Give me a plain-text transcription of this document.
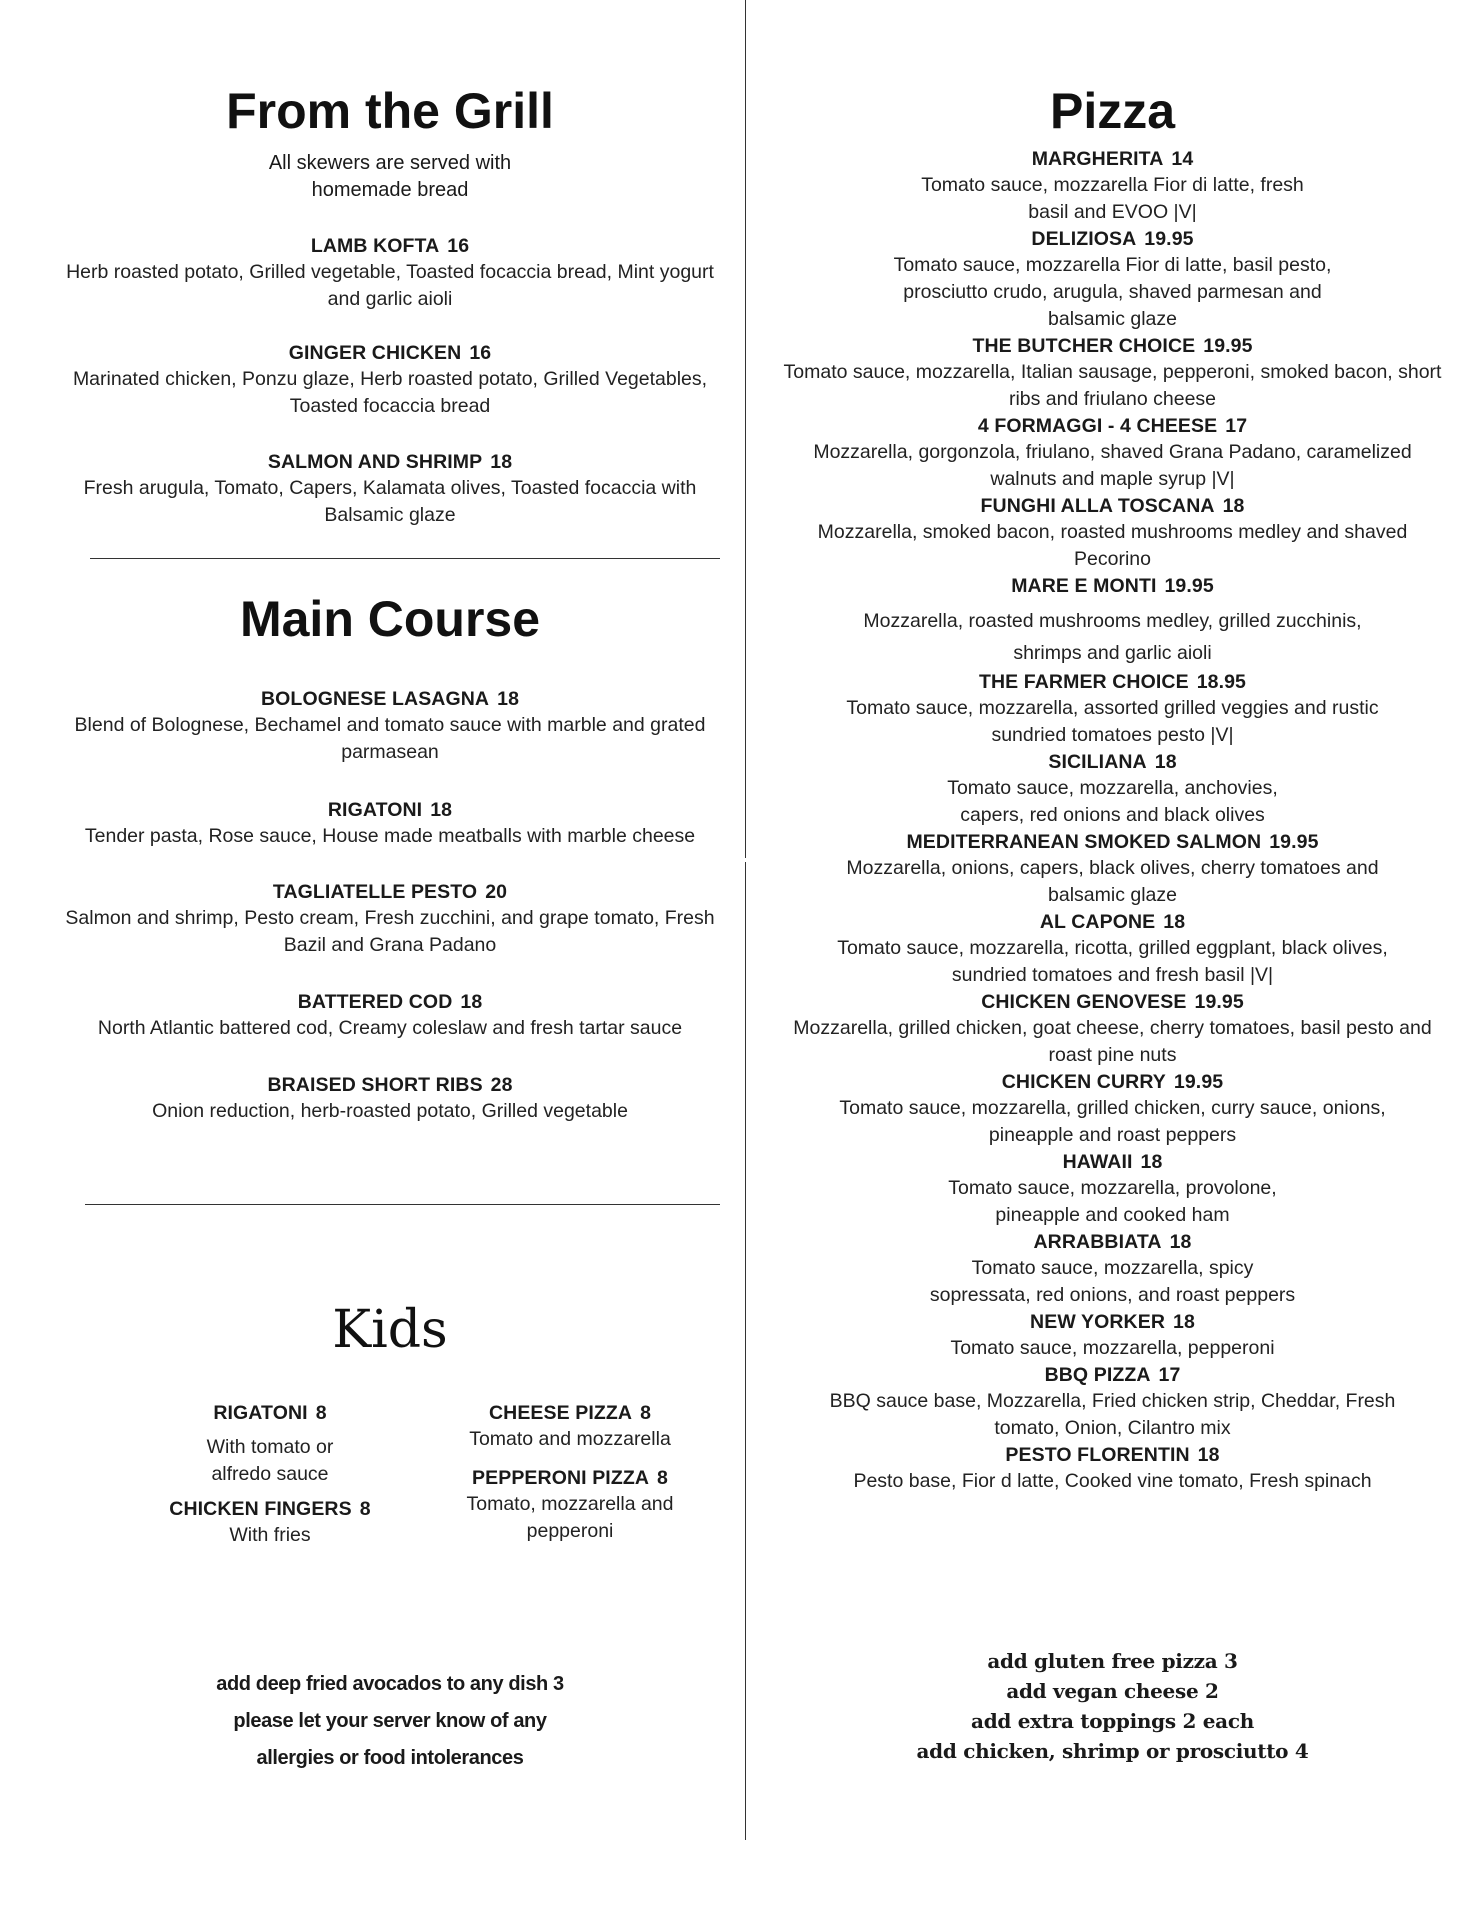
From the Grill
All skewers are served with homemade bread
LAMB KOFTA 16
Herb roasted potato, Grilled vegetable, Toasted focaccia bread, Mint yogurt and garlic aioli
GINGER CHICKEN 16
Marinated chicken, Ponzu glaze, Herb roasted potato, Grilled Vegetables, Toasted focaccia bread
SALMON AND SHRIMP 18
Fresh arugula, Tomato, Capers, Kalamata olives, Toasted focaccia with Balsamic glaze
Main Course
BOLOGNESE LASAGNA 18
Blend of Bolognese, Bechamel and tomato sauce with marble and grated parmasean
RIGATONI 18
Tender pasta, Rose sauce, House made meatballs with marble cheese
TAGLIATELLE PESTO 20
Salmon and shrimp, Pesto cream, Fresh zucchini, and grape tomato, Fresh Bazil and Grana Padano
BATTERED COD 18
North Atlantic battered cod, Creamy coleslaw and fresh tartar sauce
BRAISED SHORT RIBS 28
Onion reduction, herb-roasted potato, Grilled vegetable
Kids
RIGATONI 8
With tomato or alfredo sauce
CHICKEN FINGERS 8
With fries
CHEESE PIZZA 8
Tomato and mozzarella
PEPPERONI PIZZA 8
Tomato, mozzarella and pepperoni
add deep fried avocados to any dish 3
please let your server know of any
allergies or food intolerances
Pizza
MARGHERITA 14
Tomato sauce, mozzarella Fior di latte, fresh basil and EVOO |V|
DELIZIOSA 19.95
Tomato sauce, mozzarella Fior di latte, basil pesto, prosciutto crudo, arugula, shaved parmesan and balsamic glaze
THE BUTCHER CHOICE 19.95
Tomato sauce, mozzarella, Italian sausage, pepperoni, smoked bacon, short ribs and friulano cheese
4 FORMAGGI - 4 CHEESE 17
Mozzarella, gorgonzola, friulano, shaved Grana Padano, caramelized walnuts and maple syrup |V|
FUNGHI ALLA TOSCANA 18
Mozzarella, smoked bacon, roasted mushrooms medley and shaved Pecorino
MARE E MONTI 19.95
Mozzarella, roasted mushrooms medley, grilled zucchinis, shrimps and garlic aioli
THE FARMER CHOICE 18.95
Tomato sauce, mozzarella, assorted grilled veggies and rustic sundried tomatoes pesto |V|
SICILIANA 18
Tomato sauce, mozzarella, anchovies, capers, red onions and black olives
MEDITERRANEAN SMOKED SALMON 19.95
Mozzarella, onions, capers, black olives, cherry tomatoes and balsamic glaze
AL CAPONE 18
Tomato sauce, mozzarella, ricotta, grilled eggplant, black olives, sundried tomatoes and fresh basil |V|
CHICKEN GENOVESE 19.95
Mozzarella, grilled chicken, goat cheese, cherry tomatoes, basil pesto and roast pine nuts
CHICKEN CURRY 19.95
Tomato sauce, mozzarella, grilled chicken, curry sauce, onions, pineapple and roast peppers
HAWAII 18
Tomato sauce, mozzarella, provolone, pineapple and cooked ham
ARRABBIATA 18
Tomato sauce, mozzarella, spicy sopressata, red onions, and roast peppers
NEW YORKER 18
Tomato sauce, mozzarella, pepperoni
BBQ PIZZA 17
BBQ sauce base, Mozzarella, Fried chicken strip, Cheddar, Fresh tomato, Onion, Cilantro mix
PESTO FLORENTIN 18
Pesto base, Fior d latte, Cooked vine tomato, Fresh spinach
add gluten free pizza 3
add vegan cheese 2
add extra toppings 2 each
add chicken, shrimp or prosciutto 4
